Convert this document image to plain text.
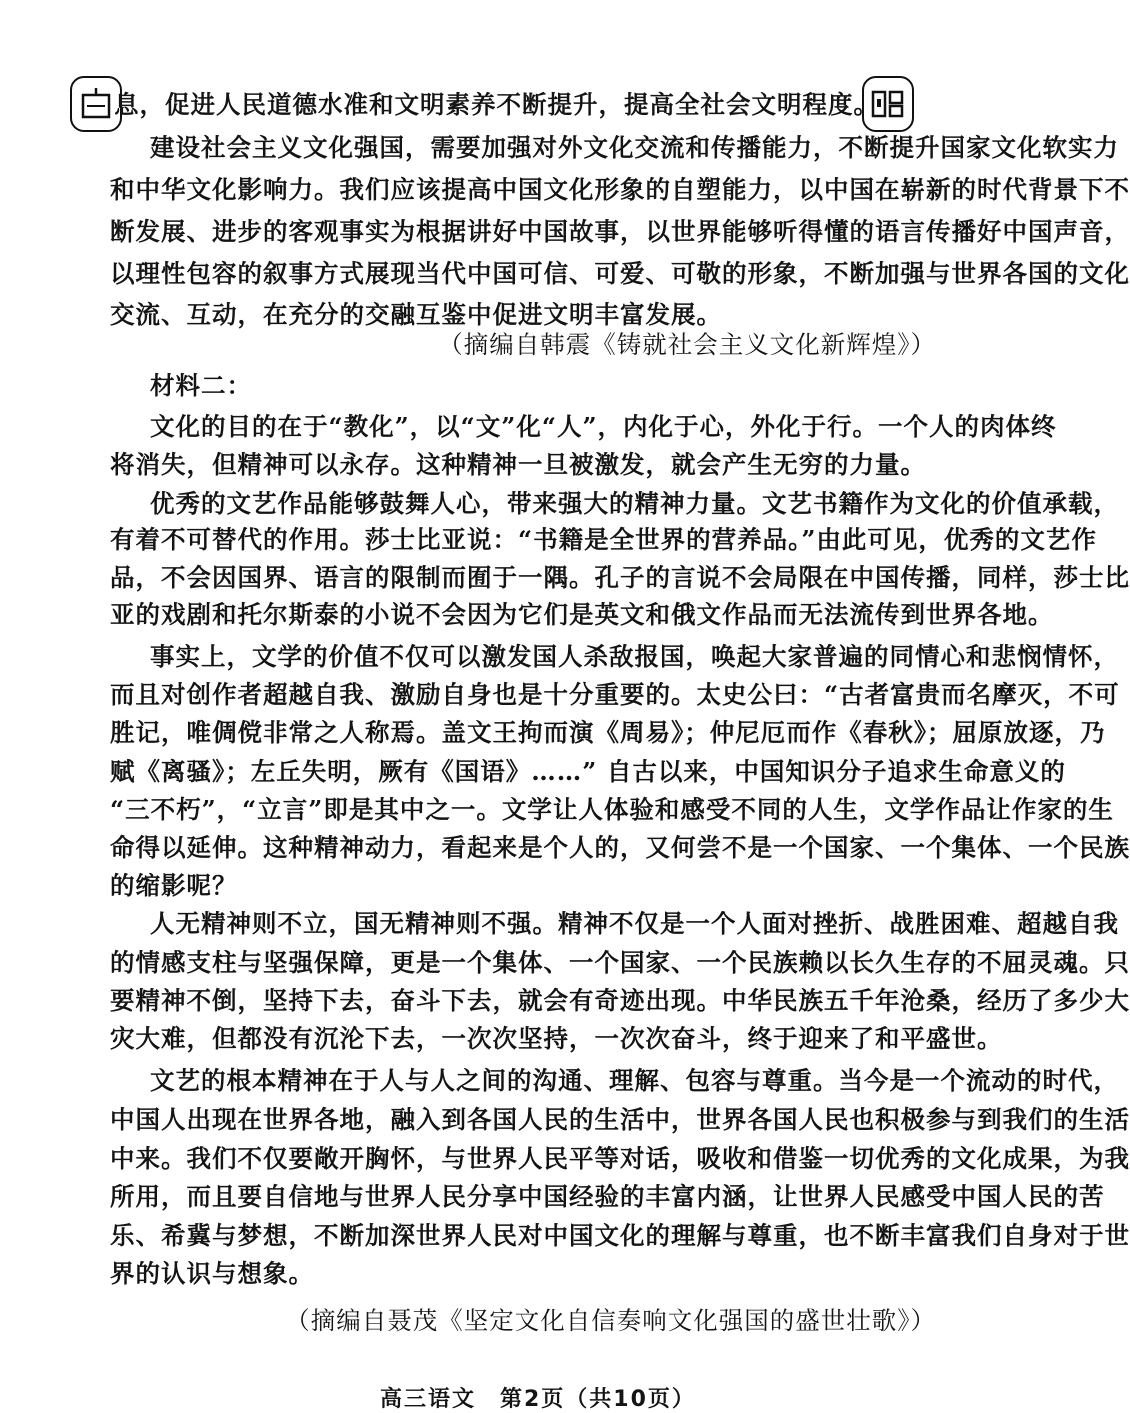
息，促进人民道德水准和文明素养不断提升，提高全社会文明程度。
建设社会主义文化强国，需要加强对外文化交流和传播能力，不断提升国家文化软实力
和中华文化影响力。我们应该提高中国文化形象的自塑能力，以中国在崭新的时代背景下不
断发展、进步的客观事实为根据讲好中国故事，以世界能够听得懂的语言传播好中国声音，
以理性包容的叙事方式展现当代中国可信、可爱、可敬的形象，不断加强与世界各国的文化
交流、互动，在充分的交融互鉴中促进文明丰富发展。
（摘编自韩震《铸就社会主义文化新辉煌》）
材料二：
文化的目的在于“教化”，以“文”化“人”，内化于心，外化于行。一个人的肉体终
将消失，但精神可以永存。这种精神一旦被激发，就会产生无穷的力量。
优秀的文艺作品能够鼓舞人心，带来强大的精神力量。文艺书籍作为文化的价值承载，
有着不可替代的作用。莎士比亚说：“书籍是全世界的营养品。”由此可见，优秀的文艺作
品，不会因国界、语言的限制而囿于一隅。孔子的言说不会局限在中国传播，同样，莎士比
亚的戏剧和托尔斯泰的小说不会因为它们是英文和俄文作品而无法流传到世界各地。
事实上，文学的价值不仅可以激发国人杀敌报国，唤起大家普遍的同情心和悲悯情怀，
而且对创作者超越自我、激励自身也是十分重要的。太史公曰：“古者富贵而名摩灭，不可
胜记，唯倜傥非常之人称焉。盖文王拘而演《周易》；仲尼厄而作《春秋》；屈原放逐，乃
赋《离骚》；左丘失明，厥有《国语》……” 自古以来，中国知识分子追求生命意义的
“三不朽”，“立言”即是其中之一。文学让人体验和感受不同的人生，文学作品让作家的生
命得以延伸。这种精神动力，看起来是个人的，又何尝不是一个国家、一个集体、一个民族
的缩影呢？
人无精神则不立，国无精神则不强。精神不仅是一个人面对挫折、战胜困难、超越自我
的情感支柱与坚强保障，更是一个集体、一个国家、一个民族赖以长久生存的不屈灵魂。只
要精神不倒，坚持下去，奋斗下去，就会有奇迹出现。中华民族五千年沧桑，经历了多少大
灾大难，但都没有沉沦下去，一次次坚持，一次次奋斗，终于迎来了和平盛世。
文艺的根本精神在于人与人之间的沟通、理解、包容与尊重。当今是一个流动的时代，
中国人出现在世界各地，融入到各国人民的生活中，世界各国人民也积极参与到我们的生活
中来。我们不仅要敞开胸怀，与世界人民平等对话，吸收和借鉴一切优秀的文化成果，为我
所用，而且要自信地与世界人民分享中国经验的丰富内涵，让世界人民感受中国人民的苦
乐、希冀与梦想，不断加深世界人民对中国文化的理解与尊重，也不断丰富我们自身对于世
界的认识与想象。
（摘编自聂茂《坚定文化自信奏响文化强国的盛世壮歌》）
高三语文　第2页（共10页）
